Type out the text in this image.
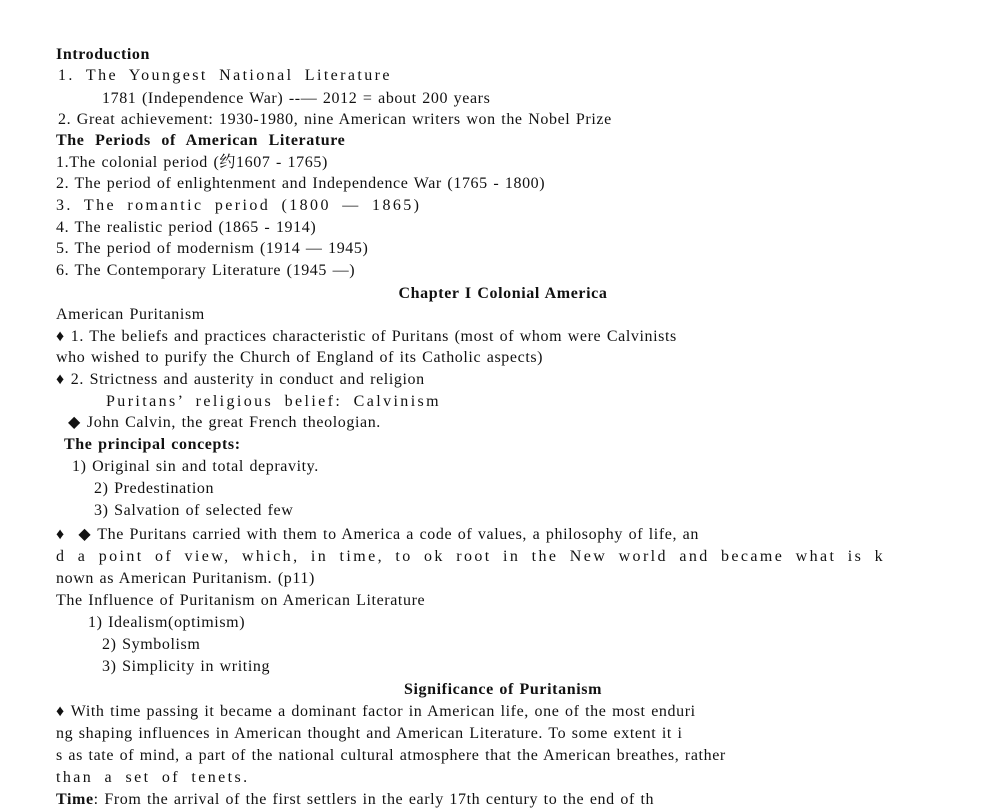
Introduction
1. The Youngest National Literature
1781 (Independence War) --— 2012 = about 200 years
2. Great achievement: 1930-1980, nine American writers won the Nobel Prize
The Periods of American Literature
1.The colonial period (约1607 - 1765)
2. The period of enlightenment and Independence War (1765 - 1800)
3. The romantic period (1800 — 1865)
4. The realistic period (1865 - 1914)
5. The period of modernism (1914 — 1945)
6. The Contemporary Literature (1945 —)
Chapter I Colonial America
American Puritanism
♦ 1. The beliefs and practices characteristic of Puritans (most of whom were Calvinists
who wished to purify the Church of England of its Catholic aspects)
♦ 2. Strictness and austerity in conduct and religion
Puritans’ religious belief: Calvinism
◆ John Calvin, the great French theologian.
The principal concepts:
1) Original sin and total depravity.
2) Predestination
3) Salvation of selected few
♦ ◆ The Puritans carried with them to America a code of values, a philosophy of life, an
d a point of view, which, in time, to ok root in the New world and became what is k
nown as American Puritanism. (p11)
The Influence of Puritanism on American Literature
1) Idealism(optimism)
2) Symbolism
3) Simplicity in writing
Significance of Puritanism
♦ With time passing it became a dominant factor in American life, one of the most enduri
ng shaping influences in American thought and American Literature. To some extent it i
s as tate of mind, a part of the national cultural atmosphere that the American breathes, rather
than a set of tenets.
Time: From the arrival of the first settlers in the early 17th century to the end of th
